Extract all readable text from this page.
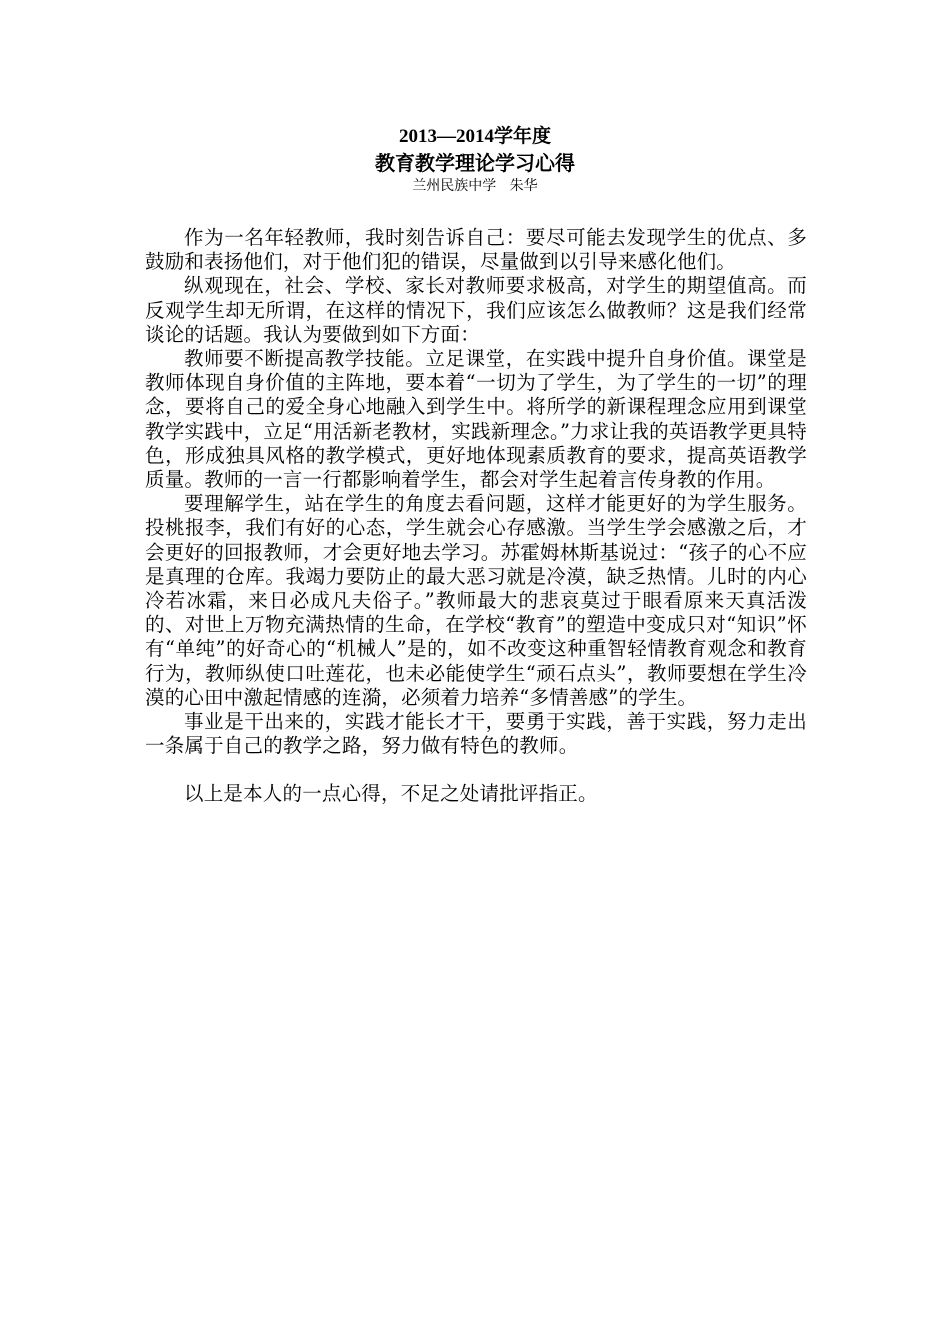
2013—2014学年度
教育教学理论学习心得
兰州民族中学 朱华

作为一名年轻教师，我时刻告诉自己：要尽可能去发现学生的优点、多鼓励和表扬他们，对于他们犯的错误，尽量做到以引导来感化他们。

纵观现在，社会、学校、家长对教师要求极高，对学生的期望值高。而反观学生却无所谓，在这样的情况下，我们应该怎么做教师？这是我们经常谈论的话题。我认为要做到如下方面：

教师要不断提高教学技能。立足课堂，在实践中提升自身价值。课堂是教师体现自身价值的主阵地，要本着“一切为了学生，为了学生的一切”的理念，要将自己的爱全身心地融入到学生中。将所学的新课程理念应用到课堂教学实践中，立足“用活新老教材，实践新理念。”力求让我的英语教学更具特色，形成独具风格的教学模式，更好地体现素质教育的要求，提高英语教学质量。教师的一言一行都影响着学生，都会对学生起着言传身教的作用。

要理解学生，站在学生的角度去看问题，这样才能更好的为学生服务。投桃报李，我们有好的心态，学生就会心存感激。当学生学会感激之后，才会更好的回报教师，才会更好地去学习。苏霍姆林斯基说过：“孩子的心不应是真理的仓库。我竭力要防止的最大恶习就是冷漠，缺乏热情。儿时的内心冷若冰霜，来日必成凡夫俗子。”教师最大的悲哀莫过于眼看原来天真活泼的、对世上万物充满热情的生命，在学校“教育”的塑造中变成只对“知识”怀有“单纯”的好奇心的“机械人”是的，如不改变这种重智轻情教育观念和教育行为，教师纵使口吐莲花，也未必能使学生“顽石点头”，教师要想在学生冷漠的心田中激起情感的连漪，必须着力培养“多情善感”的学生。

事业是干出来的，实践才能长才干，要勇于实践，善于实践，努力走出一条属于自己的教学之路，努力做有特色的教师。

以上是本人的一点心得，不足之处请批评指正。
